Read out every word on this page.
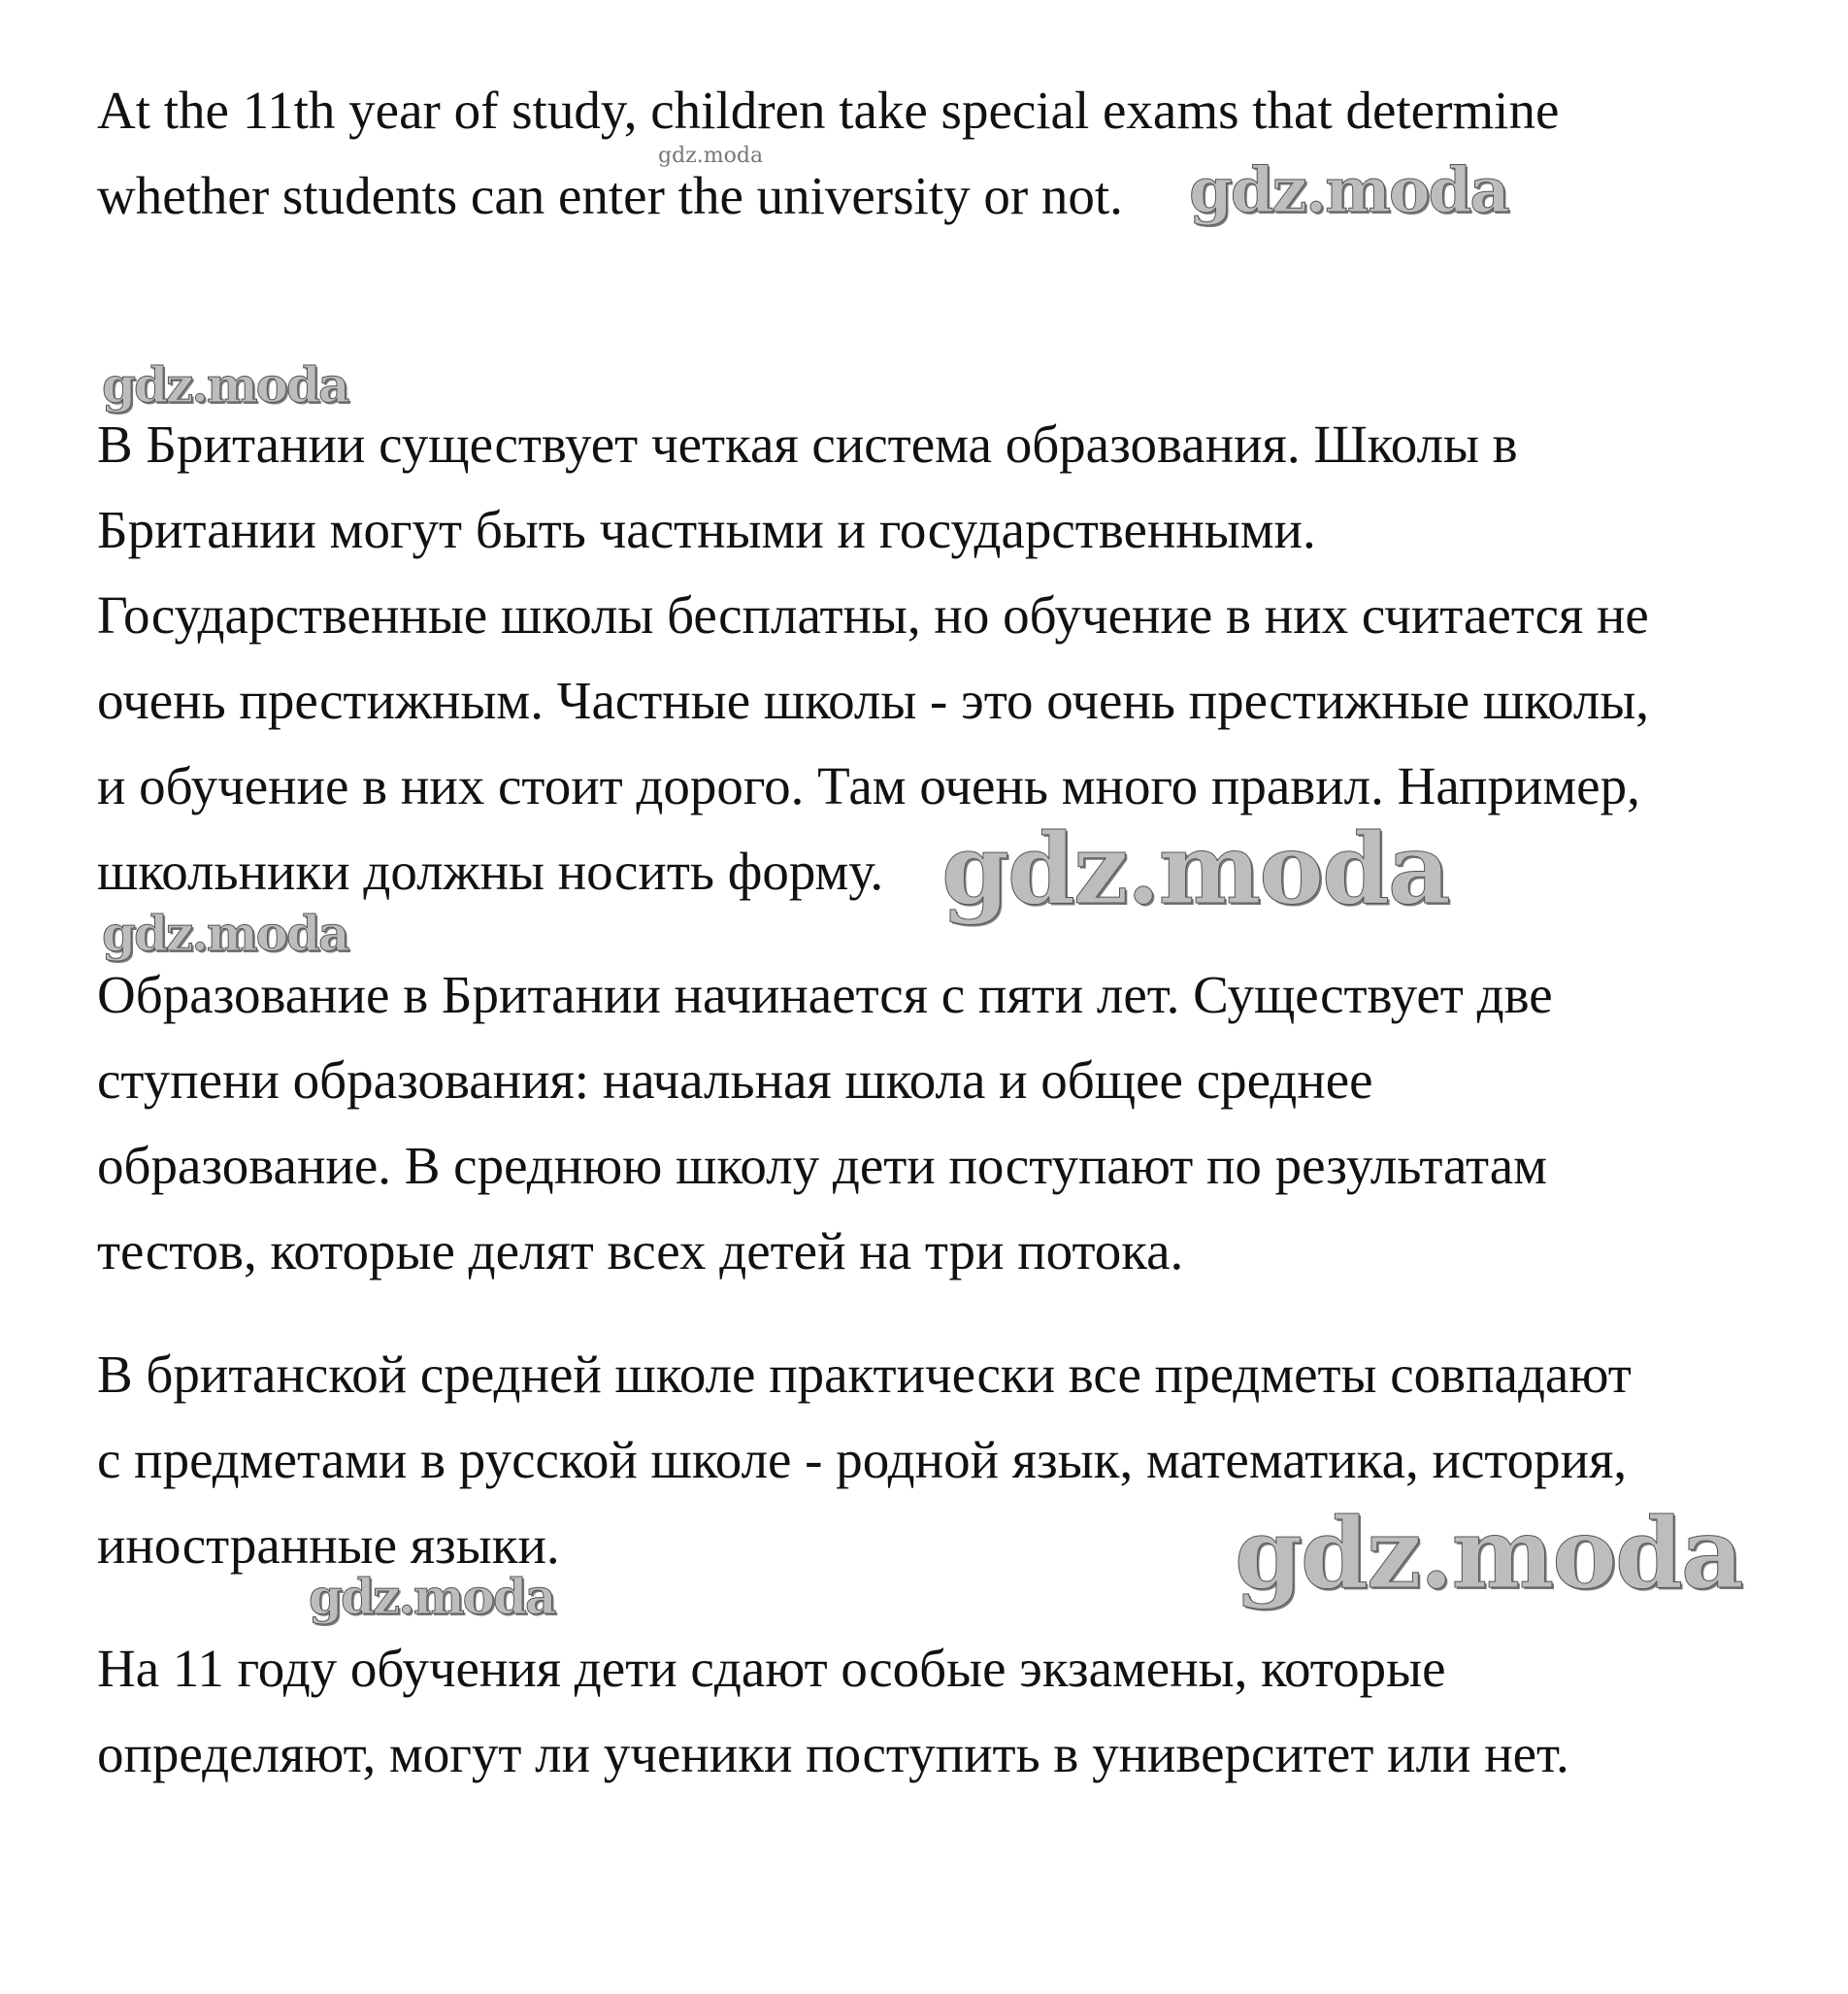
At the 11th year of study, children take special exams that determine
whether students can enter the university or not.

В Британии существует четкая система образования. Школы в
Британии могут быть частными и государственными.
Государственные школы бесплатны, но обучение в них считается не
очень престижным. Частные школы - это очень престижные школы,
и обучение в них стоит дорого. Там очень много правил. Например,
школьники должны носить форму.

Образование в Британии начинается с пяти лет. Существует две
ступени образования: начальная школа и общее среднее
образование. В среднюю школу дети поступают по результатам
тестов, которые делят всех детей на три потока.

В британской средней школе практически все предметы совпадают
с предметами в русской школе - родной язык, математика, история,
иностранные языки.

На 11 году обучения дети сдают особые экзамены, которые
определяют, могут ли ученики поступить в университет или нет.

gdz.moda	gdz.moda
gdz.moda
gdz.moda
gdz.moda
gdz.moda
gdz.moda
